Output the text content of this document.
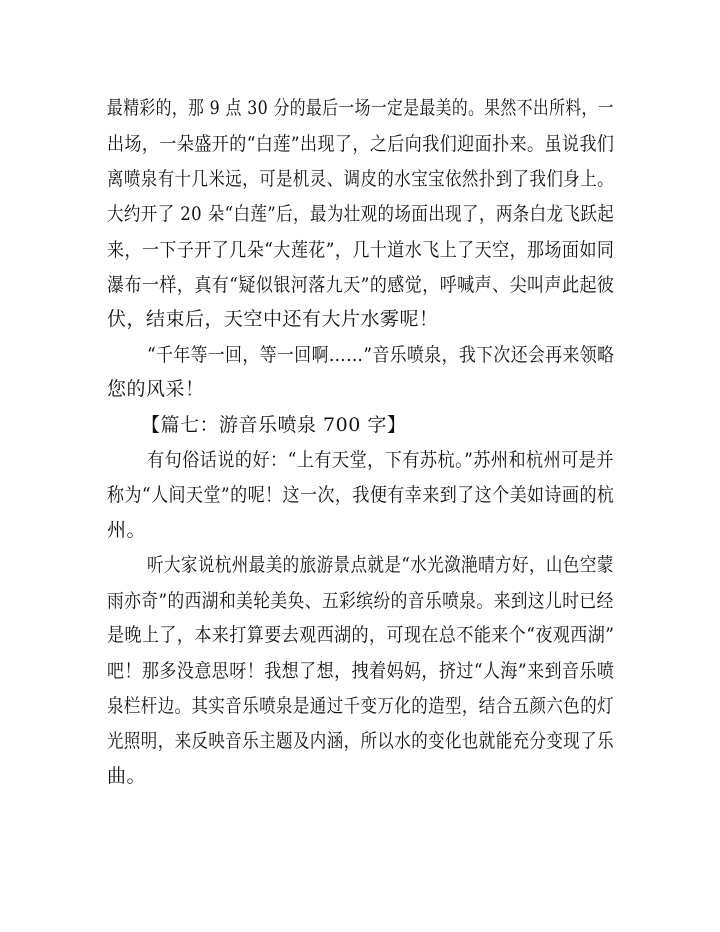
最精彩的，那 9 点 30 分的最后一场一定是最美的。果然不出所料，一
出场，一朵盛开的“白莲”出现了，之后向我们迎面扑来。虽说我们
离喷泉有十几米远，可是机灵、调皮的水宝宝依然扑到了我们身上。
大约开了 20 朵“白莲”后，最为壮观的场面出现了，两条白龙飞跃起
来，一下子开了几朵“大莲花”，几十道水飞上了天空，那场面如同
瀑布一样，真有“疑似银河落九天”的感觉，呼喊声、尖叫声此起彼
伏，结束后，天空中还有大片水雾呢！
“千年等一回，等一回啊……”音乐喷泉，我下次还会再来领略
您的风采！
【篇七：游音乐喷泉 700 字】
有句俗话说的好：“上有天堂，下有苏杭。”苏州和杭州可是并
称为“人间天堂”的呢！这一次，我便有幸来到了这个美如诗画的杭
州。
听大家说杭州最美的旅游景点就是“水光潋滟晴方好，山色空蒙
雨亦奇”的西湖和美轮美奂、五彩缤纷的音乐喷泉。来到这儿时已经
是晚上了，本来打算要去观西湖的，可现在总不能来个“夜观西湖”
吧！那多没意思呀！我想了想，拽着妈妈，挤过“人海”来到音乐喷
泉栏杆边。其实音乐喷泉是通过千变万化的造型，结合五颜六色的灯
光照明，来反映音乐主题及内涵，所以水的变化也就能充分变现了乐
曲。
